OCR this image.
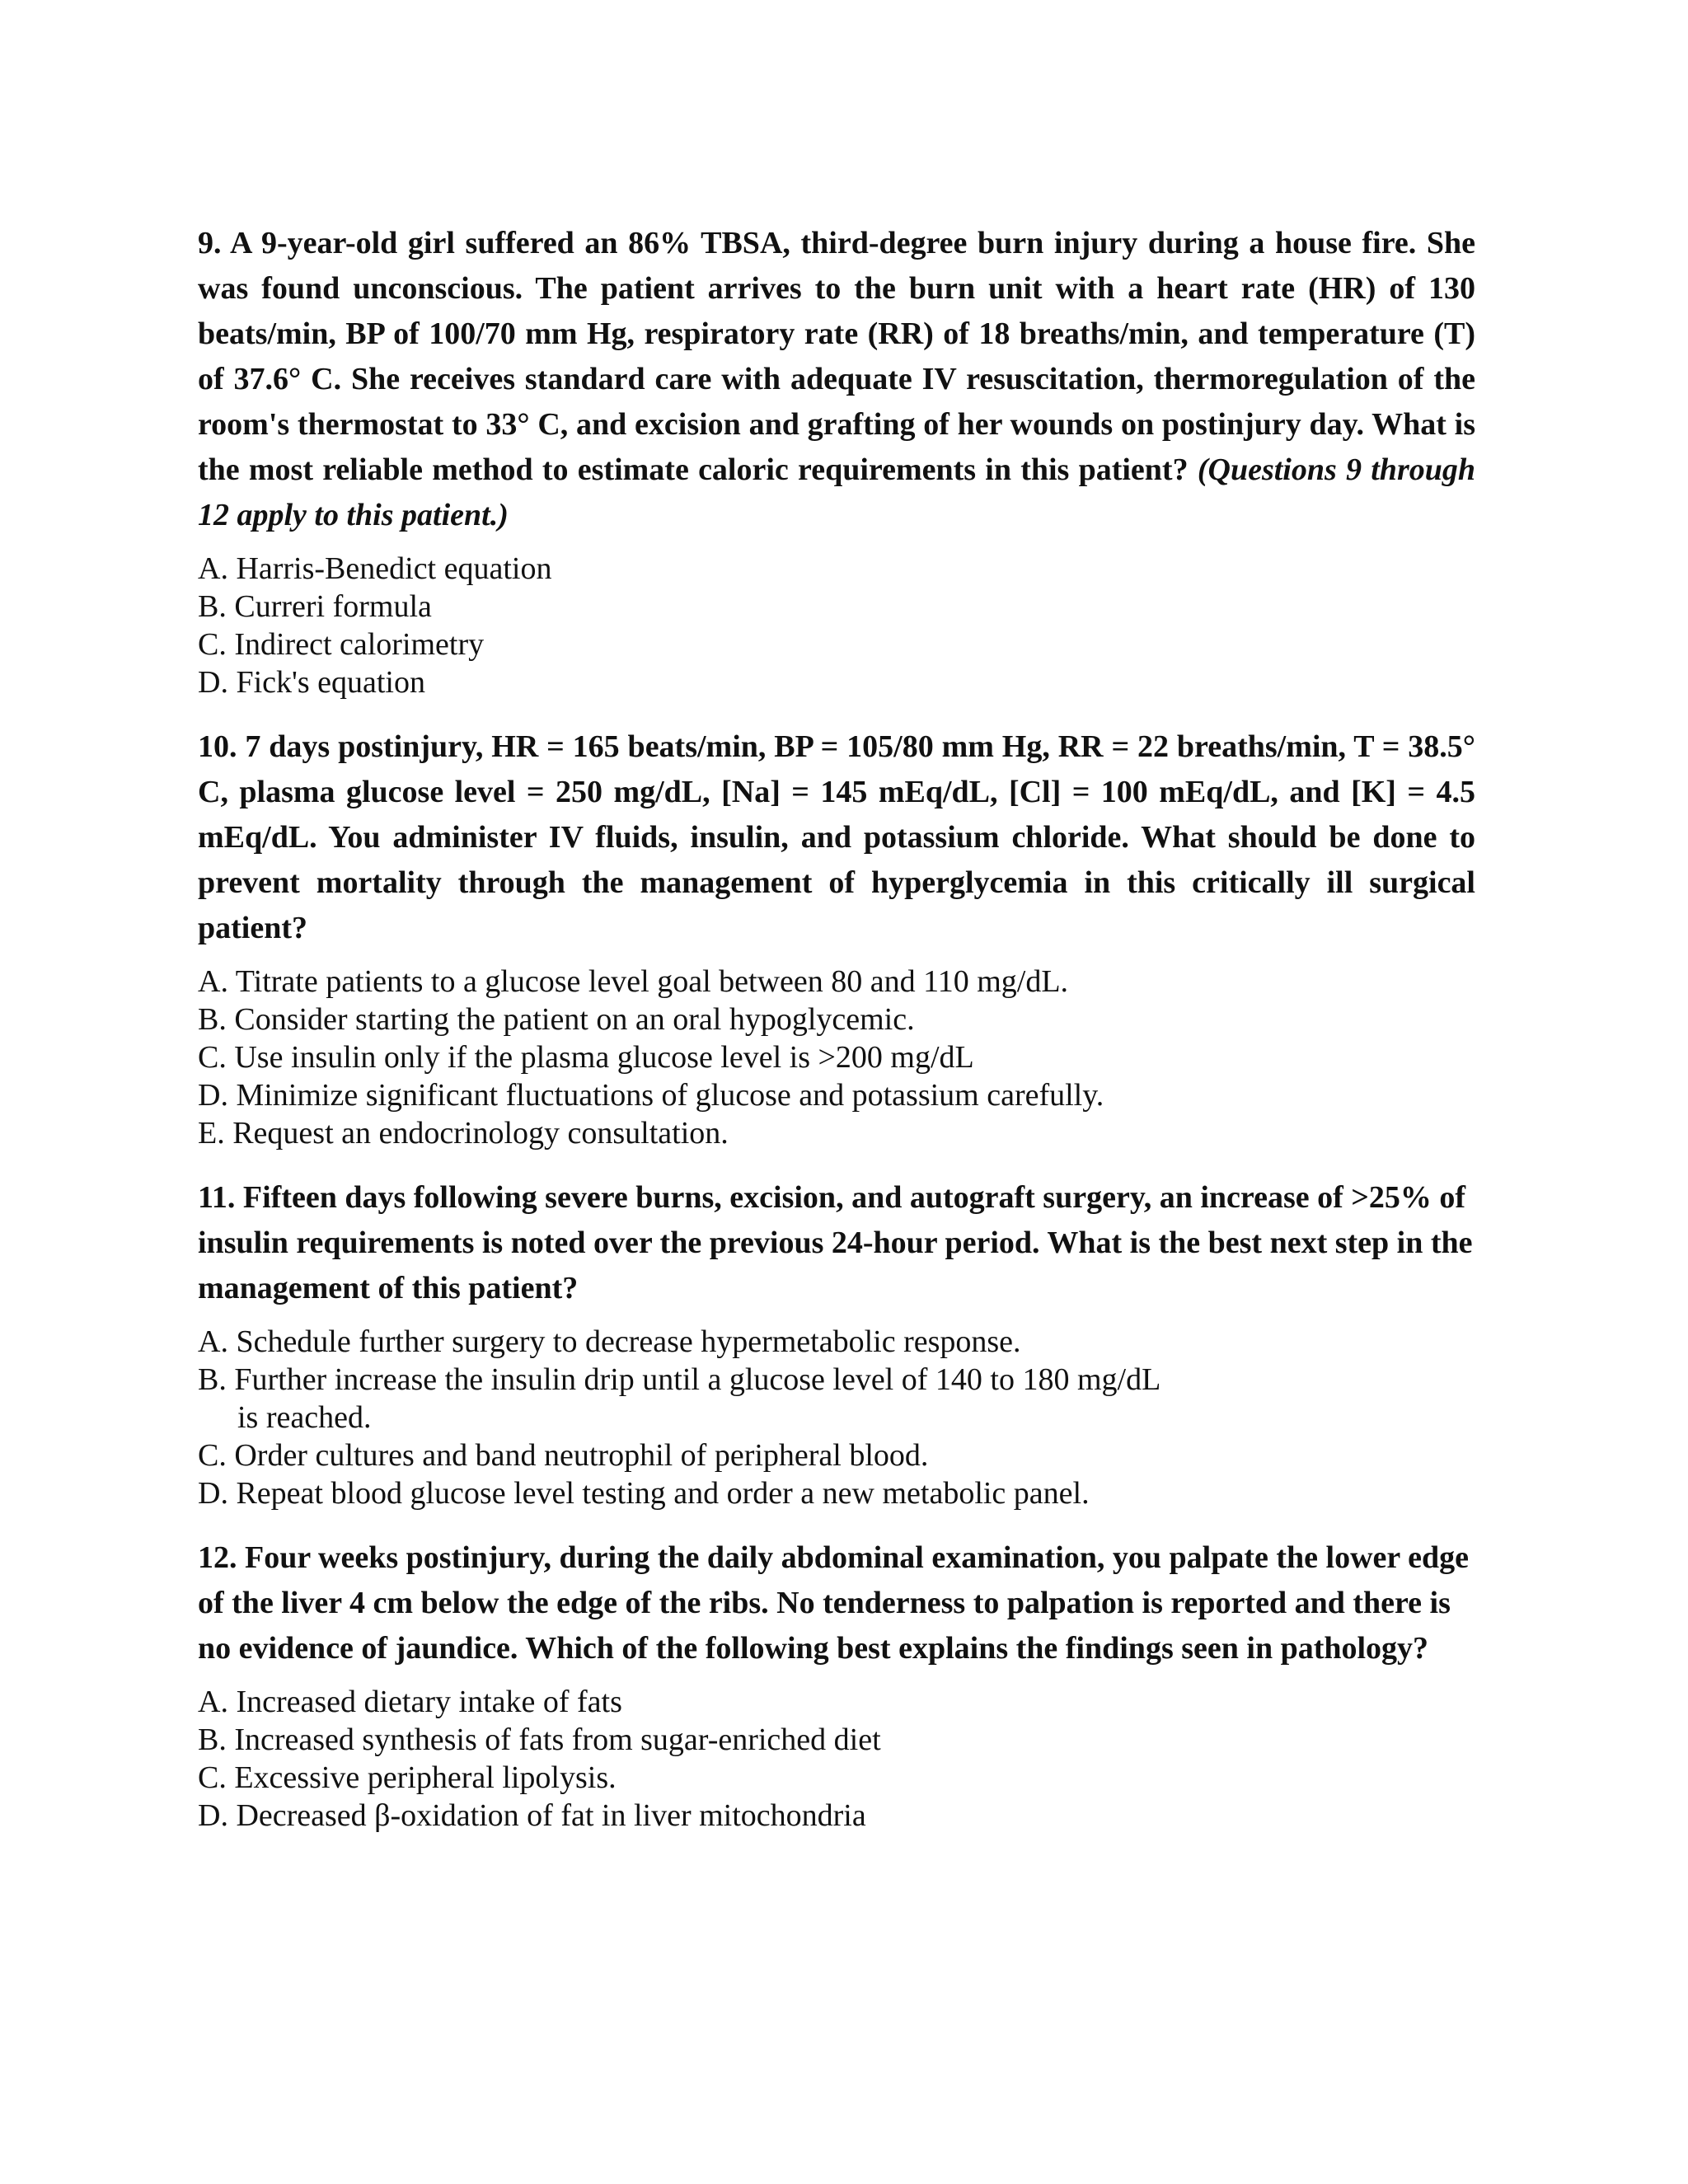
9. A 9-year-old girl suffered an 86% TBSA, third-degree burn injury during a house fire. She was found unconscious. The patient arrives to the burn unit with a heart rate (HR) of 130 beats/min, BP of 100/70 mm Hg, respiratory rate (RR) of 18 breaths/min, and temperature (T) of 37.6° C. She receives standard care with adequate IV resuscitation, thermoregulation of the room's thermostat to 33° C, and excision and grafting of her wounds on postinjury day. What is the most reliable method to estimate caloric requirements in this patient? (Questions 9 through 12 apply to this patient.)

A. Harris-Benedict equation
B. Curreri formula
C. Indirect calorimetry
D. Fick's equation

10. 7 days postinjury, HR = 165 beats/min, BP = 105/80 mm Hg, RR = 22 breaths/min, T = 38.5° C, plasma glucose level = 250 mg/dL, [Na] = 145 mEq/dL, [Cl] = 100 mEq/dL, and [K] = 4.5 mEq/dL. You administer IV fluids, insulin, and potassium chloride. What should be done to prevent mortality through the management of hyperglycemia in this critically ill surgical patient?

A. Titrate patients to a glucose level goal between 80 and 110 mg/dL.
B. Consider starting the patient on an oral hypoglycemic.
C. Use insulin only if the plasma glucose level is >200 mg/dL
D. Minimize significant fluctuations of glucose and potassium carefully.
E. Request an endocrinology consultation.

11. Fifteen days following severe burns, excision, and autograft surgery, an increase of >25% of insulin requirements is noted over the previous 24-hour period. What is the best next step in the management of this patient?

A. Schedule further surgery to decrease hypermetabolic response.
B. Further increase the insulin drip until a glucose level of 140 to 180 mg/dL
is reached.
C. Order cultures and band neutrophil of peripheral blood.
D. Repeat blood glucose level testing and order a new metabolic panel.

12. Four weeks postinjury, during the daily abdominal examination, you palpate the lower edge of the liver 4 cm below the edge of the ribs. No tenderness to palpation is reported and there is no evidence of jaundice. Which of the following best explains the findings seen in pathology?

A. Increased dietary intake of fats
B. Increased synthesis of fats from sugar-enriched diet
C. Excessive peripheral lipolysis.
D. Decreased β-oxidation of fat in liver mitochondria
